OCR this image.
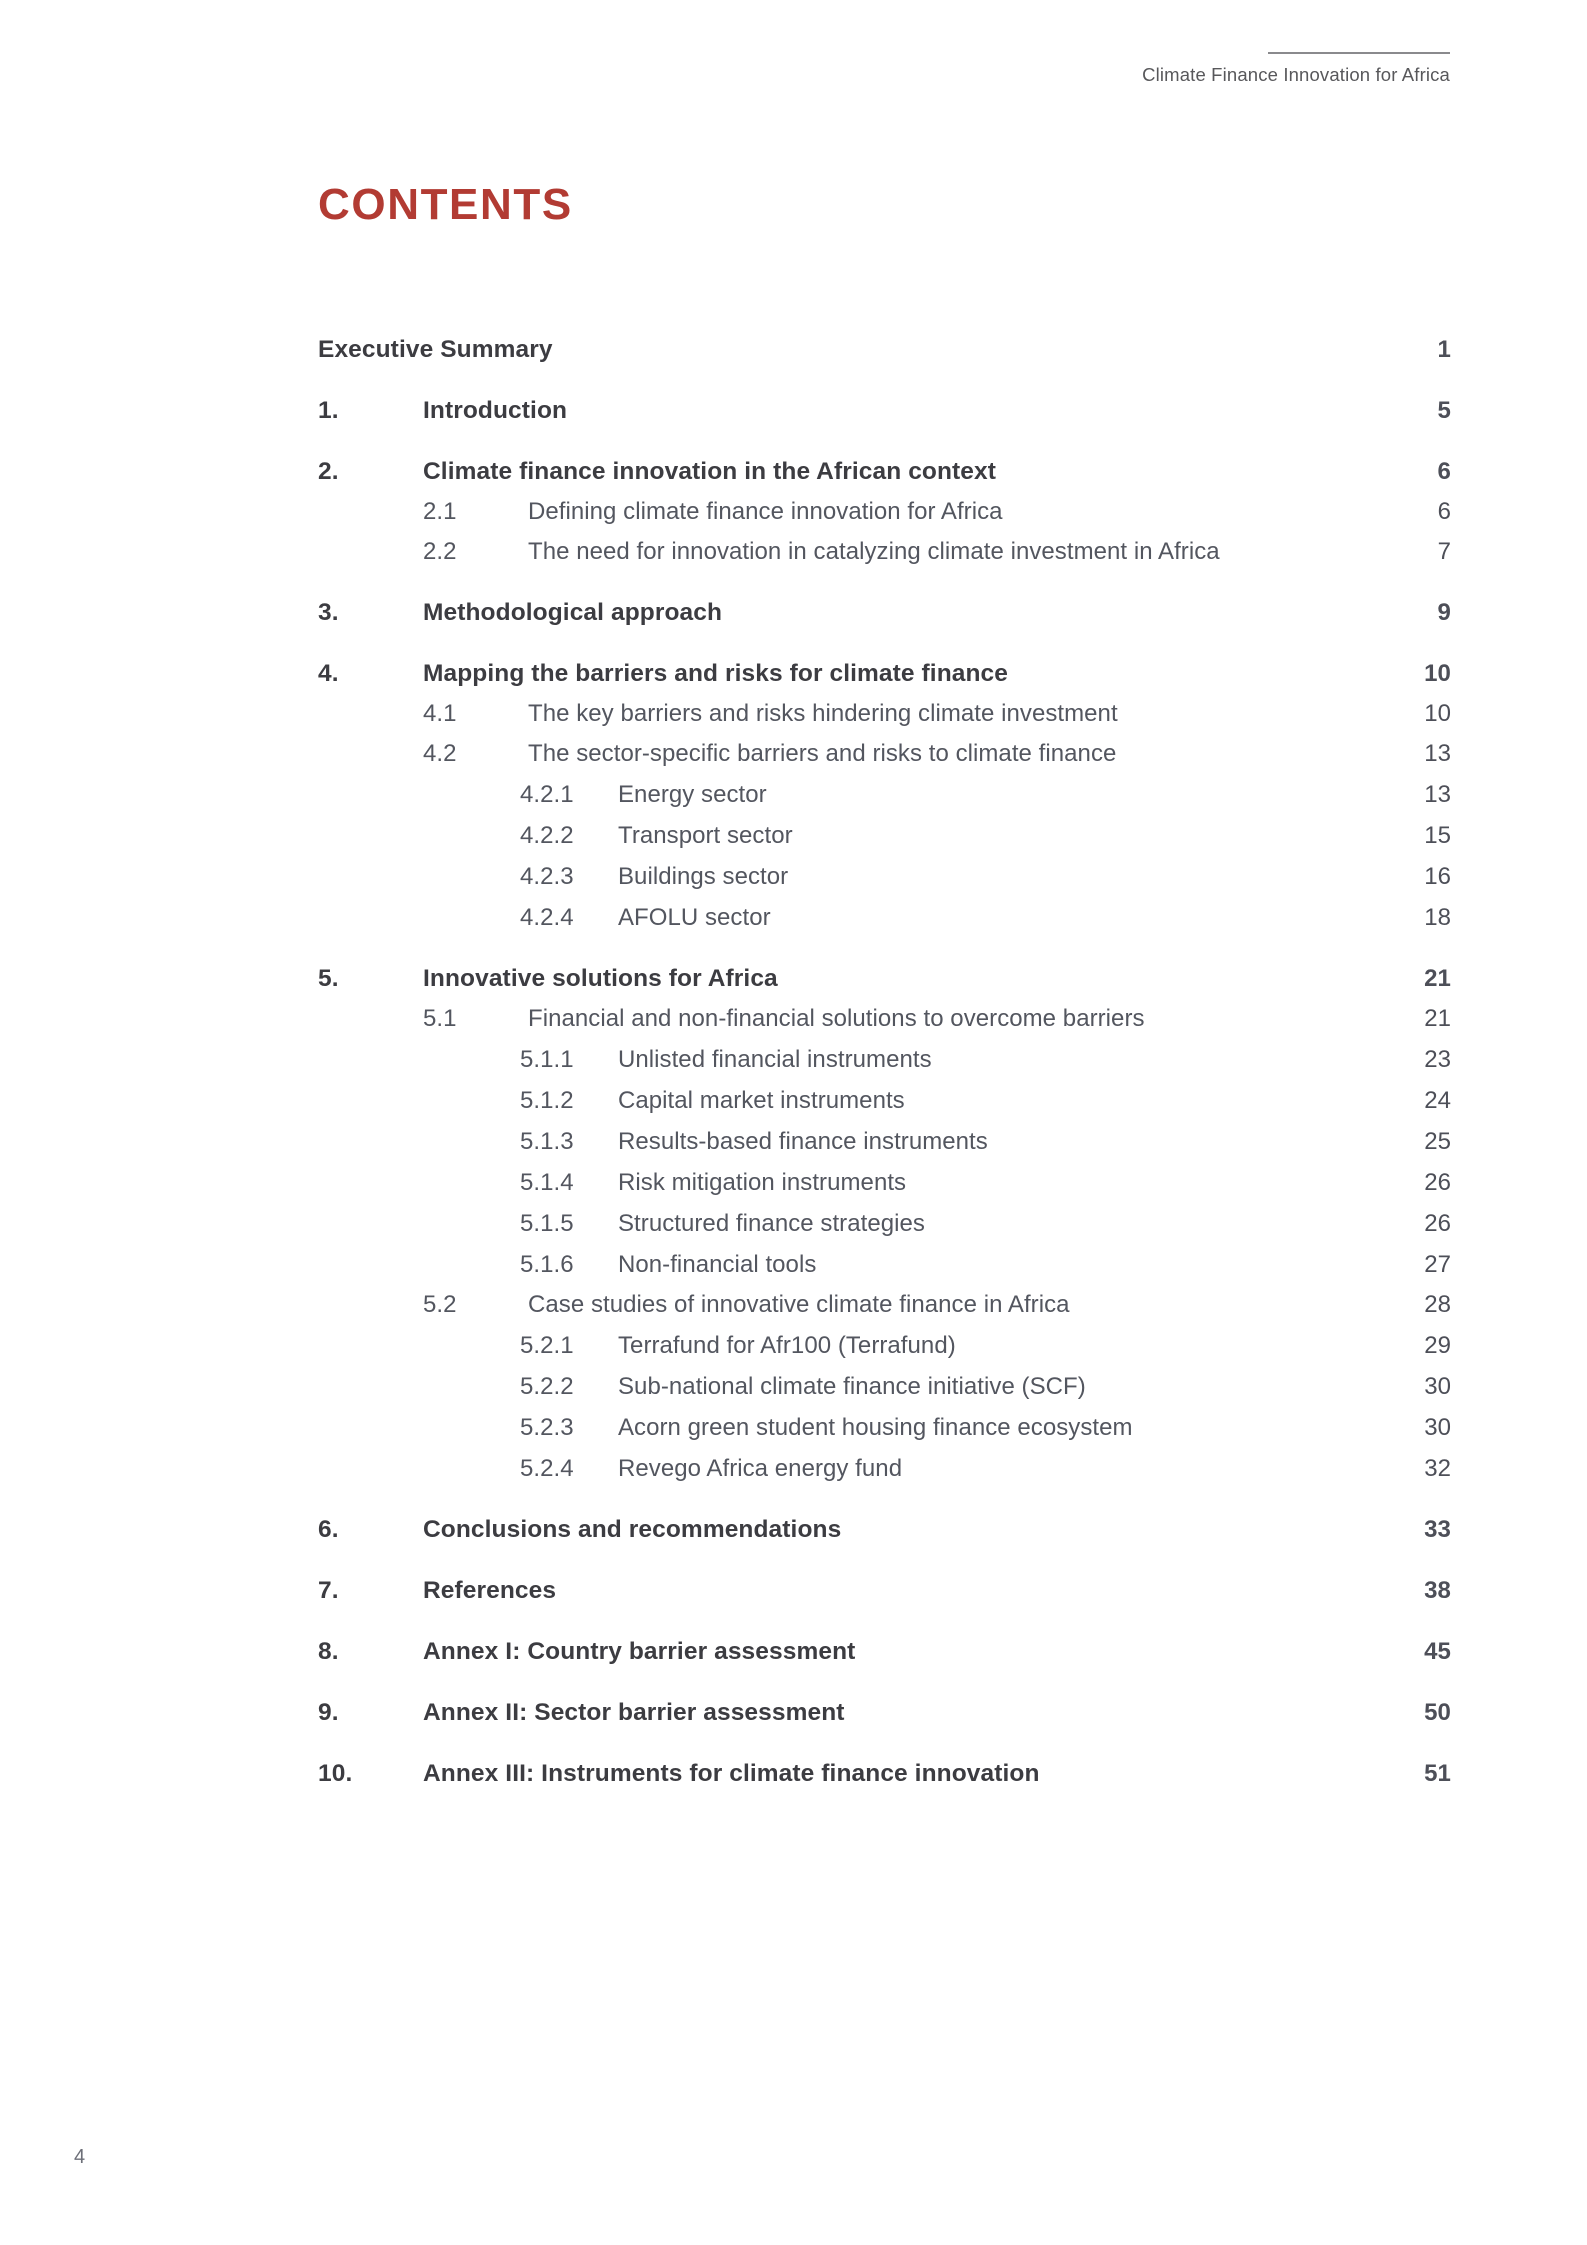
Climate Finance Innovation for Africa
CONTENTS
Executive Summary	1
1.	Introduction	5
2.	Climate finance innovation in the African context	6
2.1	Defining climate finance innovation for Africa	6
2.2	The need for innovation in catalyzing climate investment in Africa	7
3.	Methodological approach	9
4.	Mapping the barriers and risks for climate finance	10
4.1	The key barriers and risks hindering climate investment	10
4.2	The sector-specific barriers and risks to climate finance	13
4.2.1	Energy sector	13
4.2.2	Transport sector	15
4.2.3	Buildings sector	16
4.2.4	AFOLU sector	18
5.	Innovative solutions for Africa	21
5.1	Financial and non-financial solutions to overcome barriers	21
5.1.1	Unlisted financial instruments	23
5.1.2	Capital market instruments	24
5.1.3	Results-based finance instruments	25
5.1.4	Risk mitigation instruments	26
5.1.5	Structured finance strategies	26
5.1.6	Non-financial tools	27
5.2	Case studies of innovative climate finance in Africa	28
5.2.1	Terrafund for Afr100 (Terrafund)	29
5.2.2	Sub-national climate finance initiative (SCF)	30
5.2.3	Acorn green student housing finance ecosystem	30
5.2.4	Revego Africa energy fund	32
6.	Conclusions and recommendations	33
7.	References	38
8.	Annex I: Country barrier assessment	45
9.	Annex II: Sector barrier assessment	50
10.	Annex III: Instruments for climate finance innovation	51
4
